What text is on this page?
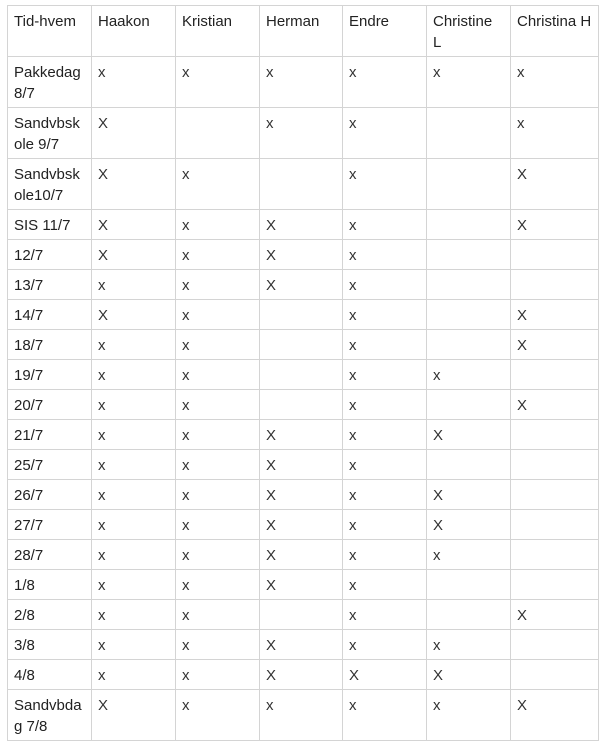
Tid-hvem	Haakon	Kristian	Herman	Endre	Christine L	Christina H
Pakkedag 8/7	x	x	x	x	x	x
Sandvbskole 9/7	X		x	x		x
Sandvbskole10/7	X	x		x		X
SIS 11/7	X	x	X	x		X
12/7	X	x	X	x		
13/7	x	x	X	x		
14/7	X	x		x		X
18/7	x	x		x		X
19/7	x	x		x	x	
20/7	x	x		x		X
21/7	x	x	X	x	X	
25/7	x	x	X	x		
26/7	x	x	X	x	X	
27/7	x	x	X	x	X	
28/7	x	x	X	x	x	
1/8	x	x	X	x		
2/8	x	x		x		X
3/8	x	x	X	x	x	
4/8	x	x	X	X	X	
Sandvbdag 7/8	X	x	x	x	x	X
